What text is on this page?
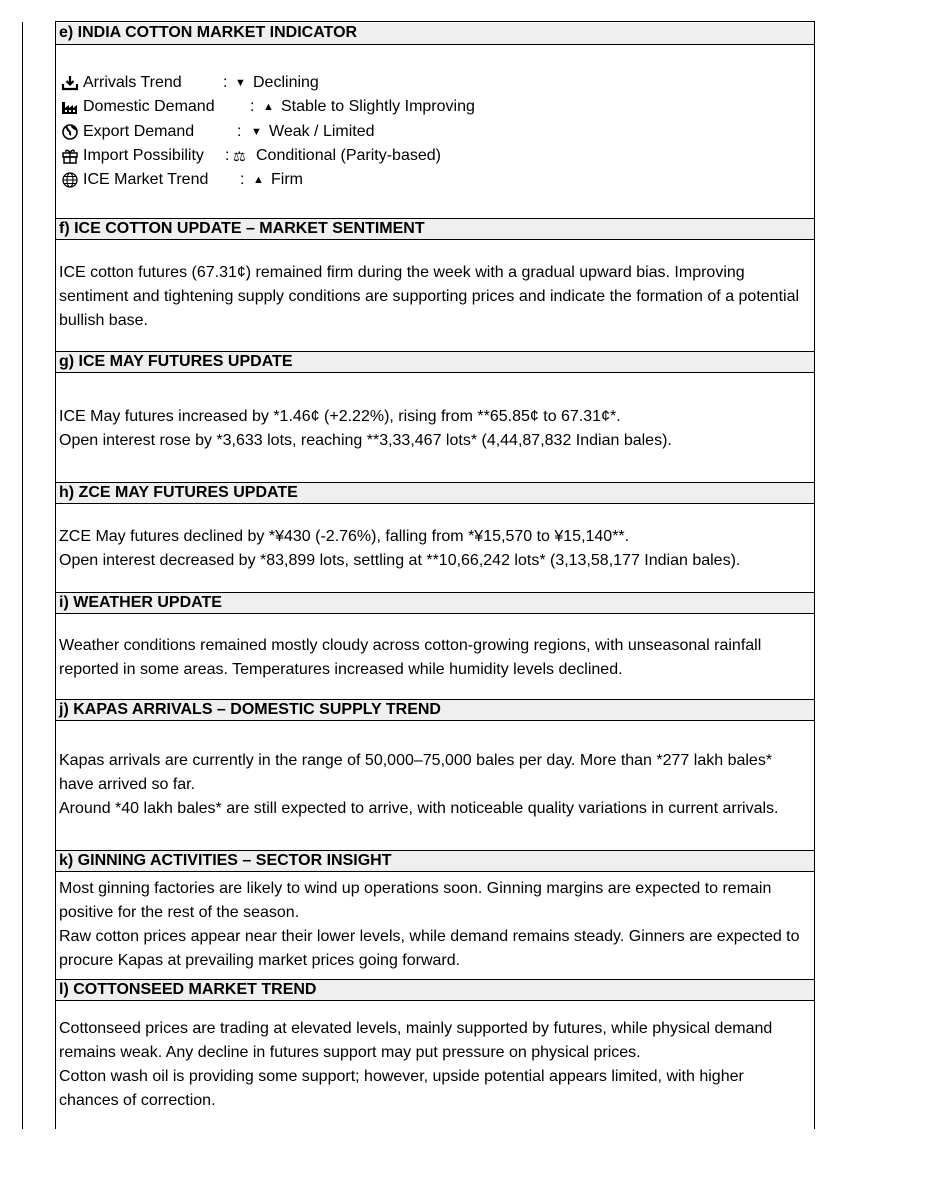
e) INDIA COTTON MARKET INDICATOR
Arrivals Trend	: ▼ Declining
Domestic Demand : ▲ Stable to Slightly Improving
Export Demand	: ▼ Weak / Limited
Import Possibility : ⚖ Conditional (Parity-based)
ICE Market Trend : ▲ Firm
f) ICE COTTON UPDATE – MARKET SENTIMENT

ICE cotton futures (67.31¢) remained firm during the week with a gradual upward bias. Improving

sentiment and tightening supply conditions are supporting prices and indicate the formation of a potential

bullish base.

g) ICE MAY FUTURES UPDATE

ICE May futures increased by *1.46¢ (+2.22%), rising from **65.85¢ to 67.31¢*.

Open interest rose by *3,633 lots, reaching **3,33,467 lots* (4,44,87,832 Indian bales).

h) ZCE MAY FUTURES UPDATE

ZCE May futures declined by *¥430 (-2.76%), falling from *¥15,570 to ¥15,140**.

Open interest decreased by *83,899 lots, settling at **10,66,242 lots* (3,13,58,177 Indian bales).

i) WEATHER UPDATE

Weather conditions remained mostly cloudy across cotton-growing regions, with unseasonal rainfall

reported in some areas. Temperatures increased while humidity levels declined.

j) KAPAS ARRIVALS – DOMESTIC SUPPLY TREND

Kapas arrivals are currently in the range of 50,000–75,000 bales per day. More than *277 lakh bales*

have arrived so far.

Around *40 lakh bales* are still expected to arrive, with noticeable quality variations in current arrivals.

k) GINNING ACTIVITIES – SECTOR INSIGHT

Most ginning factories are likely to wind up operations soon. Ginning margins are expected to remain

positive for the rest of the season.

Raw cotton prices appear near their lower levels, while demand remains steady. Ginners are expected to

procure Kapas at prevailing market prices going forward.

l) COTTONSEED MARKET TREND

Cottonseed prices are trading at elevated levels, mainly supported by futures, while physical demand

remains weak. Any decline in futures support may put pressure on physical prices.

Cotton wash oil is providing some support; however, upside potential appears limited, with higher

chances of correction.
